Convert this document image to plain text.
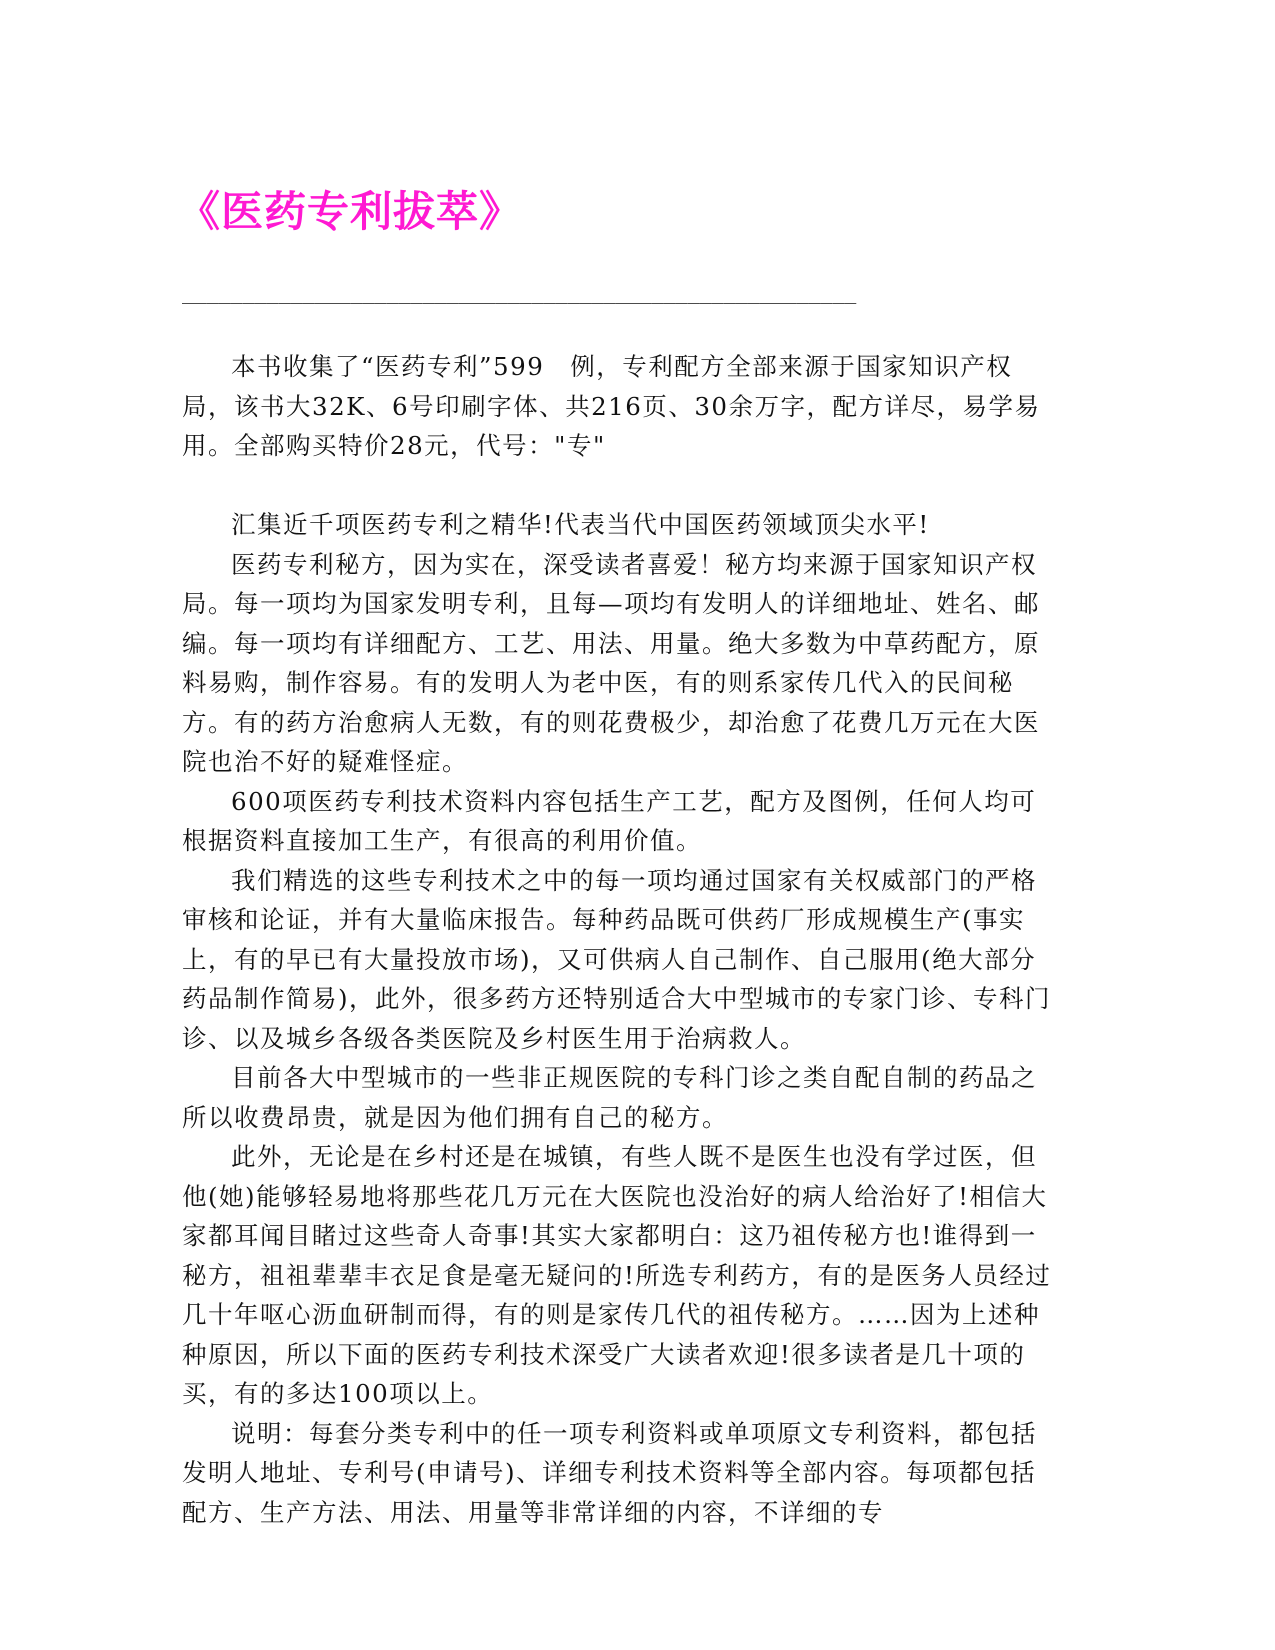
《医药专利拔萃》
________________________________________________________

本书收集了“医药专利”599　例，专利配方全部来源于国家知识产权局，该书大32K、6号印刷字体、共216页、30余万字，配方详尽，易学易用。全部购买特价28元，代号："专"

汇集近千项医药专利之精华!代表当代中国医药领域顶尖水平!

医药专利秘方，因为实在，深受读者喜爱！秘方均来源于国家知识产权局。每一项均为国家发明专利，且每—项均有发明人的详细地址、姓名、邮编。每一项均有详细配方、工艺、用法、用量。绝大多数为中草药配方，原料易购，制作容易。有的发明人为老中医，有的则系家传几代入的民间秘方。有的药方治愈病人无数，有的则花费极少，却治愈了花费几万元在大医院也治不好的疑难怪症。

600项医药专利技术资料内容包括生产工艺，配方及图例，任何人均可根据资料直接加工生产，有很高的利用价值。

我们精选的这些专利技术之中的每一项均通过国家有关权威部门的严格审核和论证，并有大量临床报告。每种药品既可供药厂形成规模生产(事实上，有的早已有大量投放市场)，又可供病人自己制作、自己服用(绝大部分药品制作简易)，此外，很多药方还特别适合大中型城市的专家门诊、专科门诊、以及城乡各级各类医院及乡村医生用于治病救人。

目前各大中型城市的一些非正规医院的专科门诊之类自配自制的药品之所以收费昂贵，就是因为他们拥有自己的秘方。

此外，无论是在乡村还是在城镇，有些人既不是医生也没有学过医，但他(她)能够轻易地将那些花几万元在大医院也没治好的病人给治好了!相信大家都耳闻目睹过这些奇人奇事!其实大家都明白：这乃祖传秘方也!谁得到一秘方，祖祖辈辈丰衣足食是毫无疑问的!所选专利药方，有的是医务人员经过几十年呕心沥血研制而得，有的则是家传几代的祖传秘方。……因为上述种种原因，所以下面的医药专利技术深受广大读者欢迎!很多读者是几十项的买，有的多达100项以上。

说明：每套分类专利中的任一项专利资料或单项原文专利资料，都包括发明人地址、专利号(申请号)、详细专利技术资料等全部内容。每项都包括配方、生产方法、用法、用量等非常详细的内容，不详细的专
